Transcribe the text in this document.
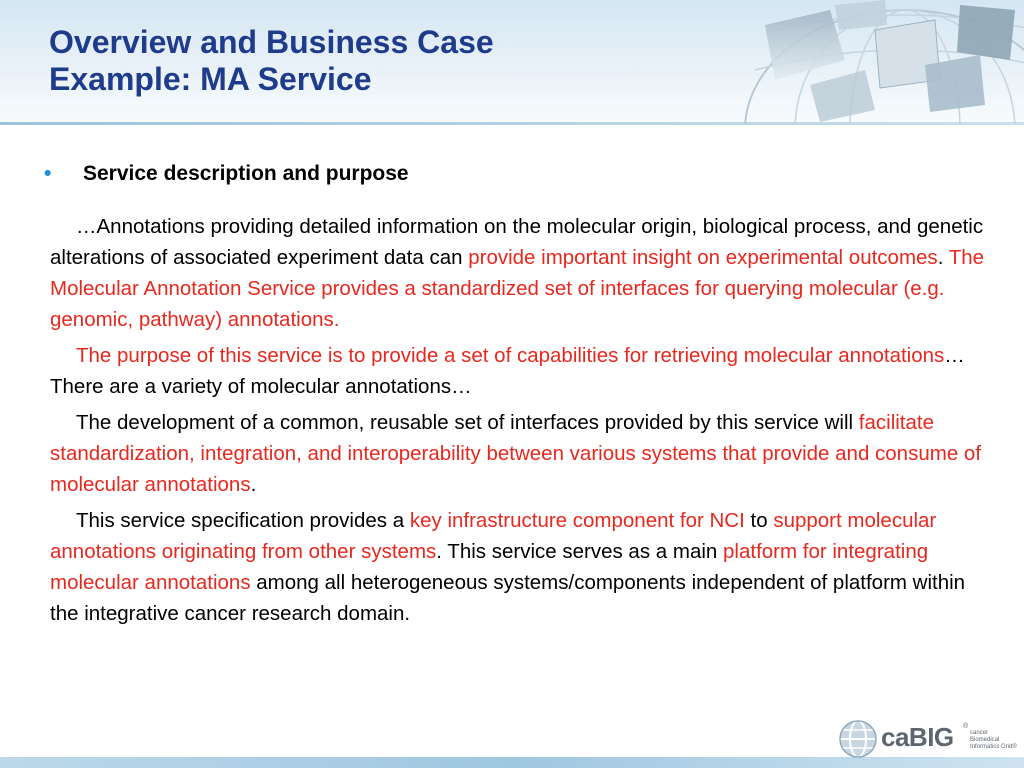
Overview and Business Case
Example: MA Service
• Service description and purpose

…Annotations providing detailed information on the molecular origin, biological process, and genetic alterations of associated experiment data can provide important insight on experimental outcomes. The Molecular Annotation Service provides a standardized set of interfaces for querying molecular (e.g. genomic, pathway) annotations.

The purpose of this service is to provide a set of capabilities for retrieving molecular annotations… There are a variety of molecular annotations…

The development of a common, reusable set of interfaces provided by this service will facilitate standardization, integration, and interoperability between various systems that provide and consume of molecular annotations.

This service specification provides a key infrastructure component for NCI to support molecular annotations originating from other systems. This service serves as a main platform for integrating molecular annotations among all heterogeneous systems/components independent of platform within the integrative cancer research domain.

caBIG ®
cancer Biomedical
Informatics Grid®
